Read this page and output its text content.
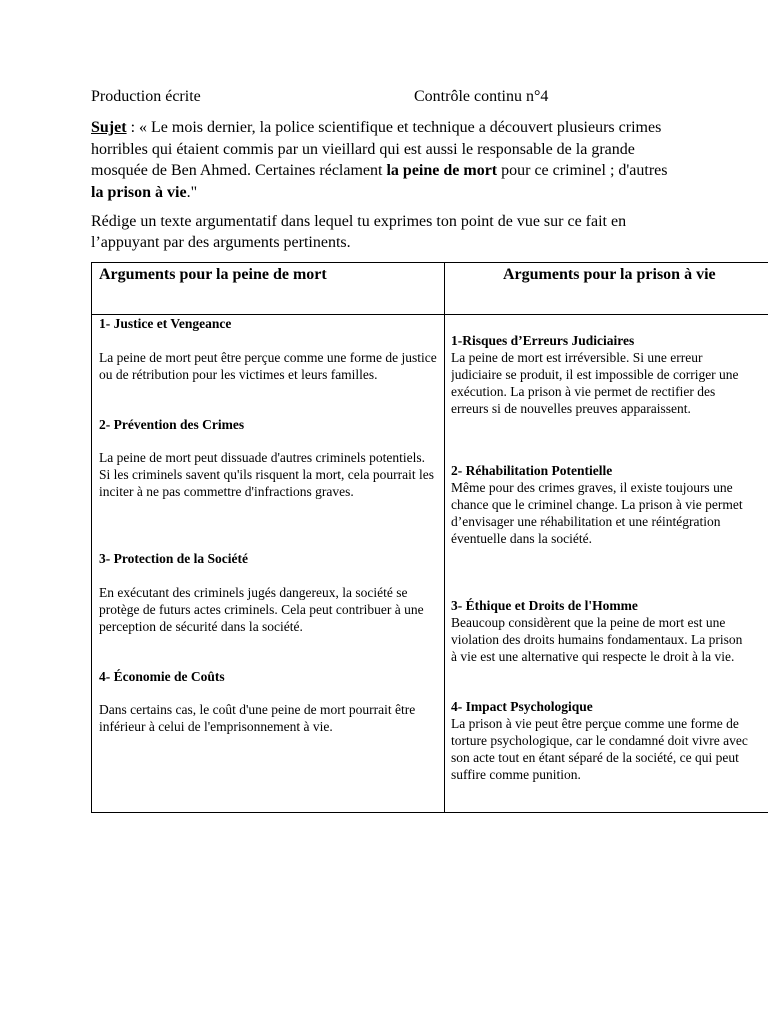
Production écrite	Contrôle continu n°4
Sujet : « Le mois dernier, la police scientifique et technique a découvert plusieurs crimes horribles qui étaient commis par un vieillard qui est aussi le responsable de la grande mosquée de Ben Ahmed. Certaines réclament la peine de mort pour ce criminel ; d'autres la prison à vie."
Rédige un texte argumentatif dans lequel tu exprimes ton point de vue sur ce fait en l’appuyant par des arguments pertinents.
Arguments pour la peine de mort	Arguments pour la prison à vie
1- Justice et Vengeance
La peine de mort peut être perçue comme une forme de justice ou de rétribution pour les victimes et leurs familles.
2- Prévention des Crimes
La peine de mort peut dissuade d'autres criminels potentiels. Si les criminels savent qu'ils risquent la mort, cela pourrait les inciter à ne pas commettre d'infractions graves.
3- Protection de la Société
En exécutant des criminels jugés dangereux, la société se protège de futurs actes criminels. Cela peut contribuer à une perception de sécurité dans la société.
4- Économie de Coûts
Dans certains cas, le coût d'une peine de mort pourrait être inférieur à celui de l'emprisonnement à vie.
1-Risques d’Erreurs Judiciaires
La peine de mort est irréversible. Si une erreur
judiciaire se produit, il est impossible de corriger une
exécution. La prison à vie permet de rectifier des
erreurs si de nouvelles preuves apparaissent.
2- Réhabilitation Potentielle
Même pour des crimes graves, il existe toujours une
chance que le criminel change. La prison à vie permet
d’envisager une réhabilitation et une réintégration
éventuelle dans la société.
3- Éthique et Droits de l'Homme
Beaucoup considèrent que la peine de mort est une
violation des droits humains fondamentaux. La prison
à vie est une alternative qui respecte le droit à la vie.
4- Impact Psychologique
La prison à vie peut être perçue comme une forme de
torture psychologique, car le condamné doit vivre avec
son acte tout en étant séparé de la société, ce qui peut
suffire comme punition.
